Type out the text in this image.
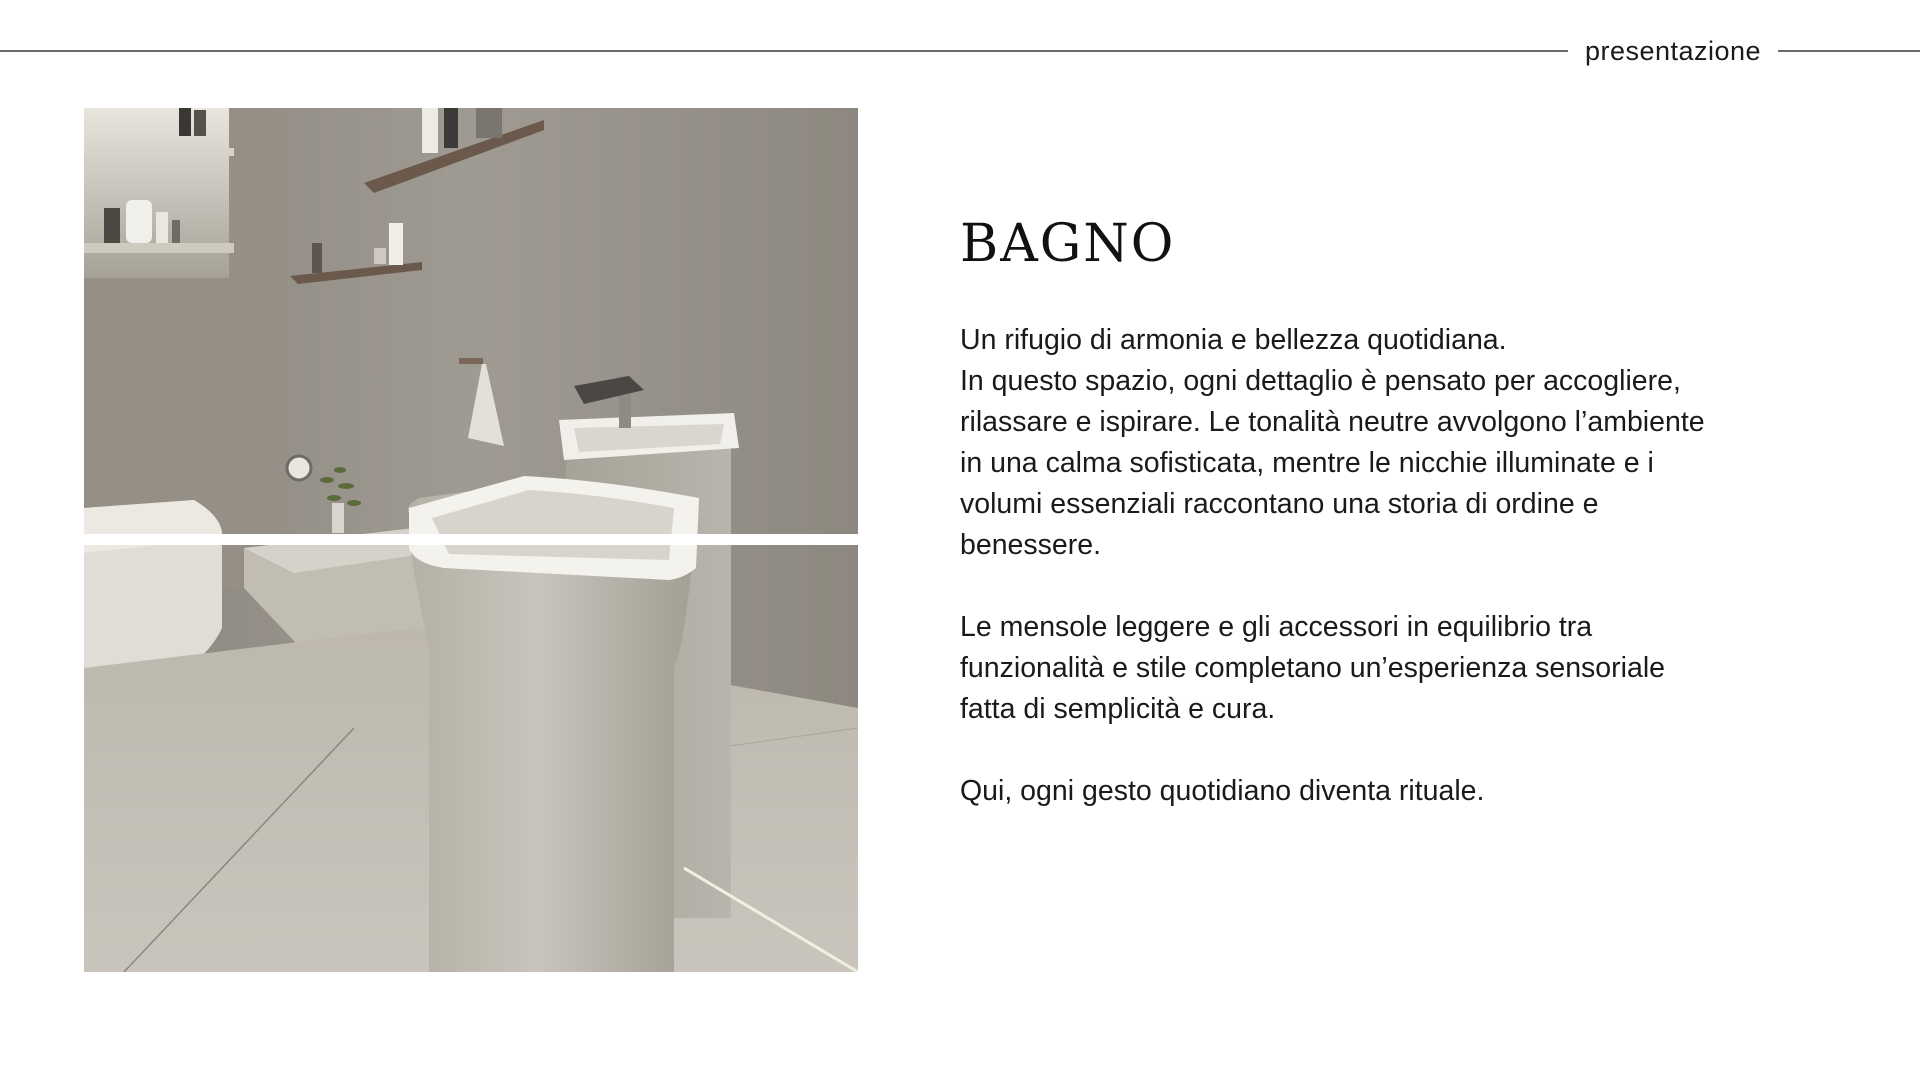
presentazione
BAGNO

Un rifugio di armonia e bellezza quotidiana.
In questo spazio, ogni dettaglio è pensato per accogliere,
rilassare e ispirare. Le tonalità neutre avvolgono l’ambiente
in una calma sofisticata, mentre le nicchie illuminate e i
volumi essenziali raccontano una storia di ordine e
benessere.

Le mensole leggere e gli accessori in equilibrio tra
funzionalità e stile completano un’esperienza sensoriale
fatta di semplicità e cura.

Qui, ogni gesto quotidiano diventa rituale.
